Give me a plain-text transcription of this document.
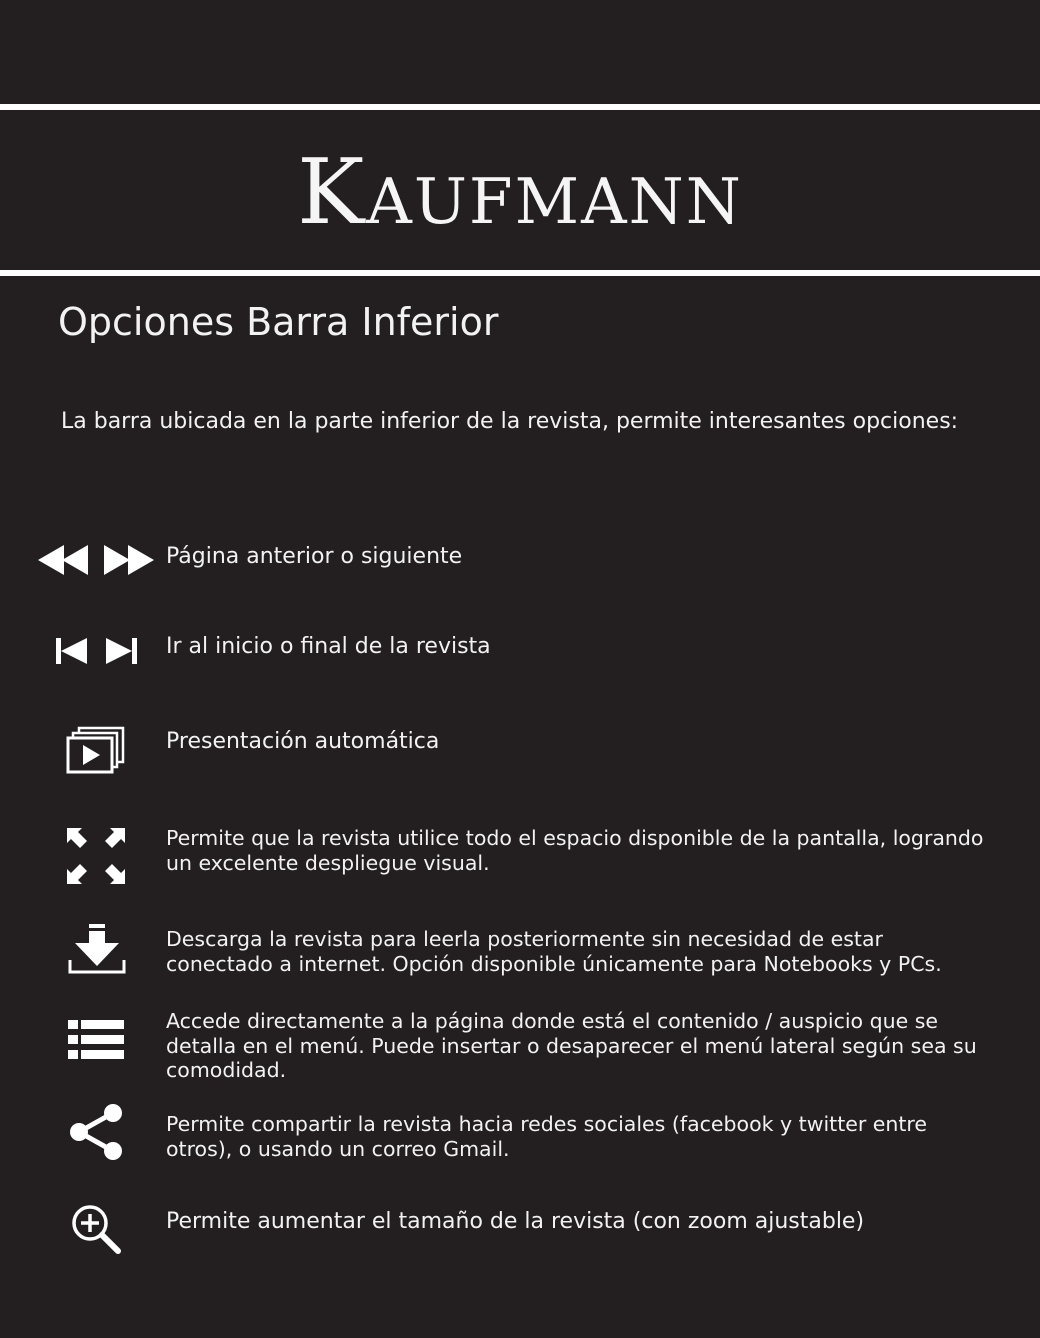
Kaufmann
Opciones Barra Inferior
La barra ubicada en la parte inferior de la revista, permite interesantes opciones:
Página anterior o siguiente
Ir al inicio o final de la revista
Presentación automática
Permite que la revista utilice todo el espacio disponible de la pantalla, logrando un excelente despliegue visual.
Descarga la revista para leerla posteriormente sin necesidad de estar conectado a internet. Opción disponible únicamente para Notebooks y PCs.
Accede directamente a la página donde está el contenido / auspicio que se detalla en el menú. Puede insertar o desaparecer el menú lateral según sea su comodidad.
Permite compartir la revista hacia redes sociales (facebook y twitter entre otros), o usando un correo Gmail.
Permite aumentar el tamaño de la revista (con zoom ajustable)
